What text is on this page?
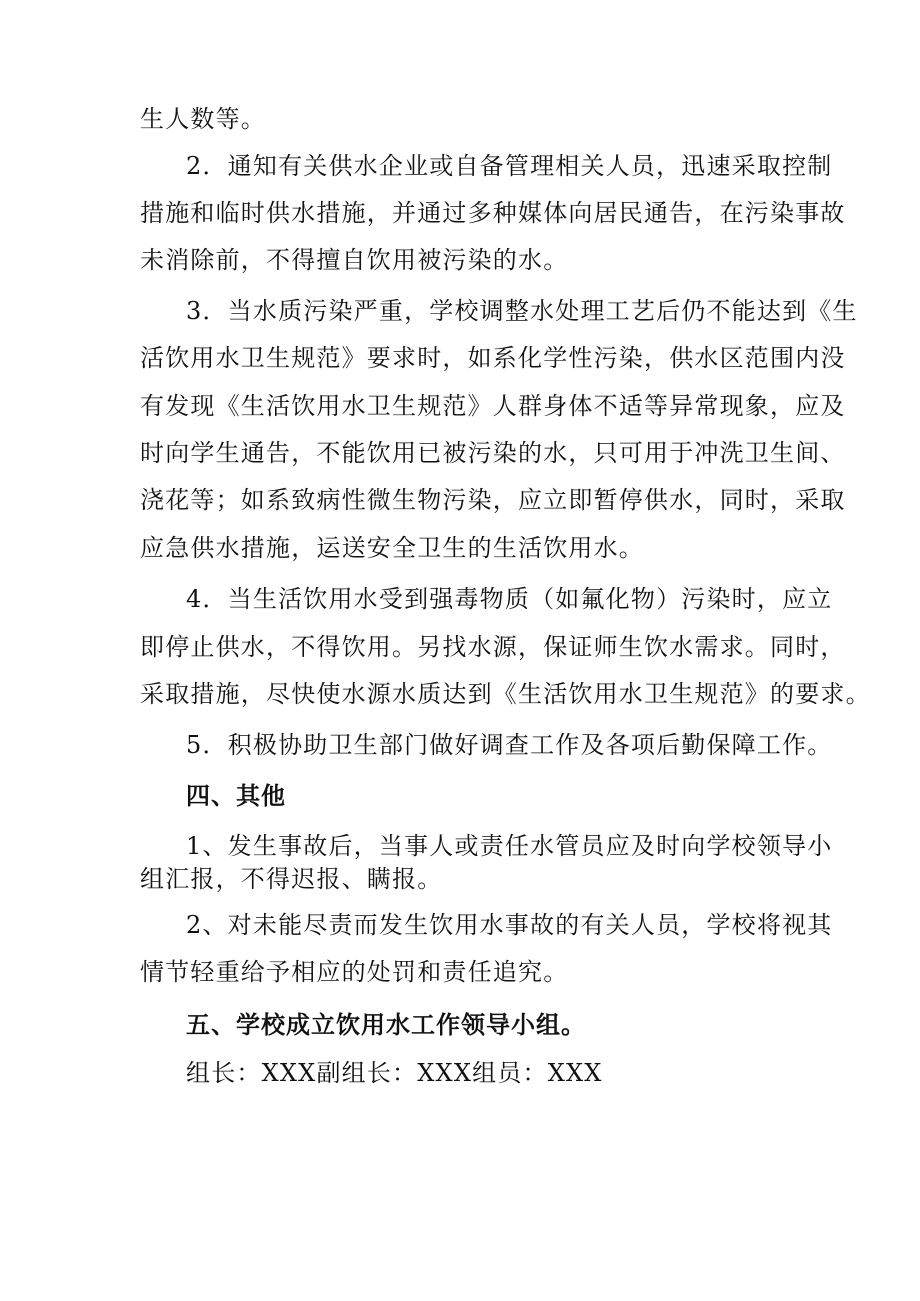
生人数等。
2．通知有关供水企业或自备管理相关人员，迅速采取控制
措施和临时供水措施，并通过多种媒体向居民通告，在污染事故
未消除前，不得擅自饮用被污染的水。
3．当水质污染严重，学校调整水处理工艺后仍不能达到《生
活饮用水卫生规范》要求时，如系化学性污染，供水区范围内没
有发现《生活饮用水卫生规范》人群身体不适等异常现象，应及
时向学生通告，不能饮用已被污染的水，只可用于冲洗卫生间、
浇花等；如系致病性微生物污染，应立即暂停供水，同时，采取
应急供水措施，运送安全卫生的生活饮用水。
4．当生活饮用水受到强毒物质（如氟化物）污染时，应立
即停止供水，不得饮用。另找水源，保证师生饮水需求。同时，
采取措施，尽快使水源水质达到《生活饮用水卫生规范》的要求。
5．积极协助卫生部门做好调查工作及各项后勤保障工作。
四、其他
1、发生事故后，当事人或责任水管员应及时向学校领导小
组汇报，不得迟报、瞒报。
2、对未能尽责而发生饮用水事故的有关人员，学校将视其
情节轻重给予相应的处罚和责任追究。
五、学校成立饮用水工作领导小组。
组长：XXX副组长：XXX组员：XXX
